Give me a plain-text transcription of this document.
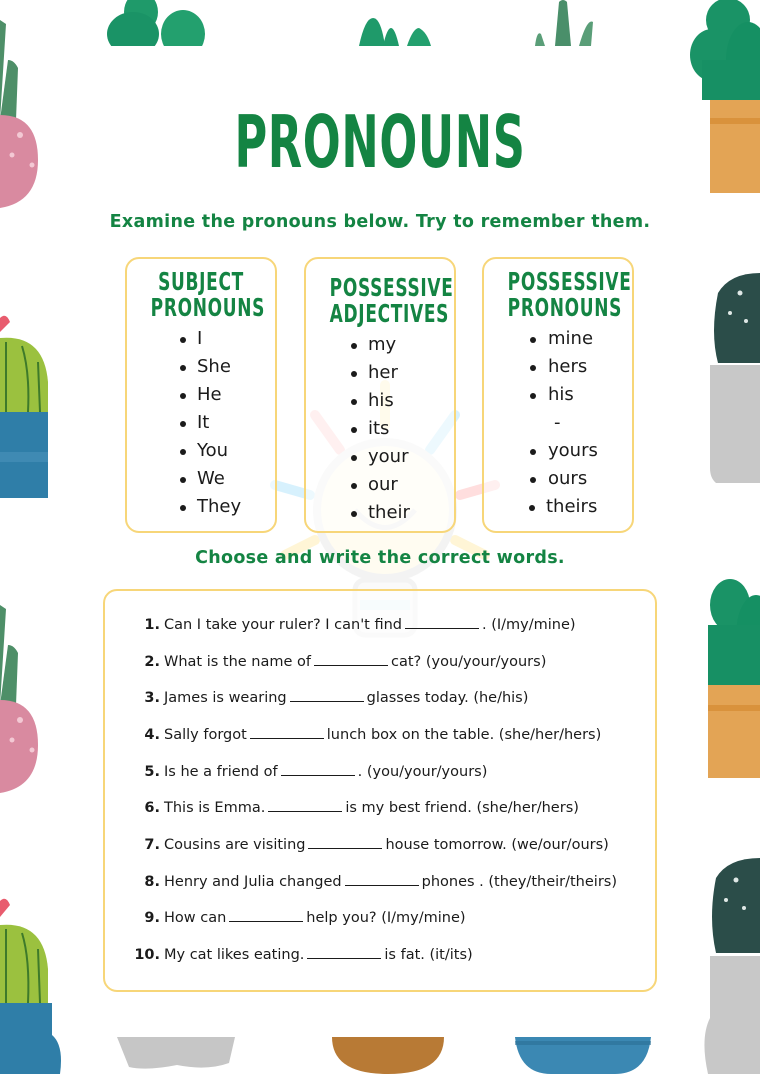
PRONOUNS
Examine the pronouns below. Try to remember them.
SUBJECT
PRONOUNS
I
She
He
It
You
We
They
POSSESSIVE
ADJECTIVES
my
her
his
its
your
our
their
POSSESSIVE
PRONOUNS
mine
hers
his
-
yours
ours
theirs
Choose and write the correct words.
1. Can I take your ruler? I can't find	. (I/my/mine)
2. What is the name of	cat? (you/your/yours)
3. James is wearing	glasses today. (he/his)
4. Sally forgot	lunch box on the table. (she/her/hers)
5. Is he a friend of	. (you/your/yours)
6. This is Emma.	is my best friend. (she/her/hers)
7. Cousins are visiting	house tomorrow. (we/our/ours)
8. Henry and Julia changed	phones . (they/their/theirs)
9. How can	help you? (I/my/mine)
10. My cat likes eating.	is fat. (it/its)
